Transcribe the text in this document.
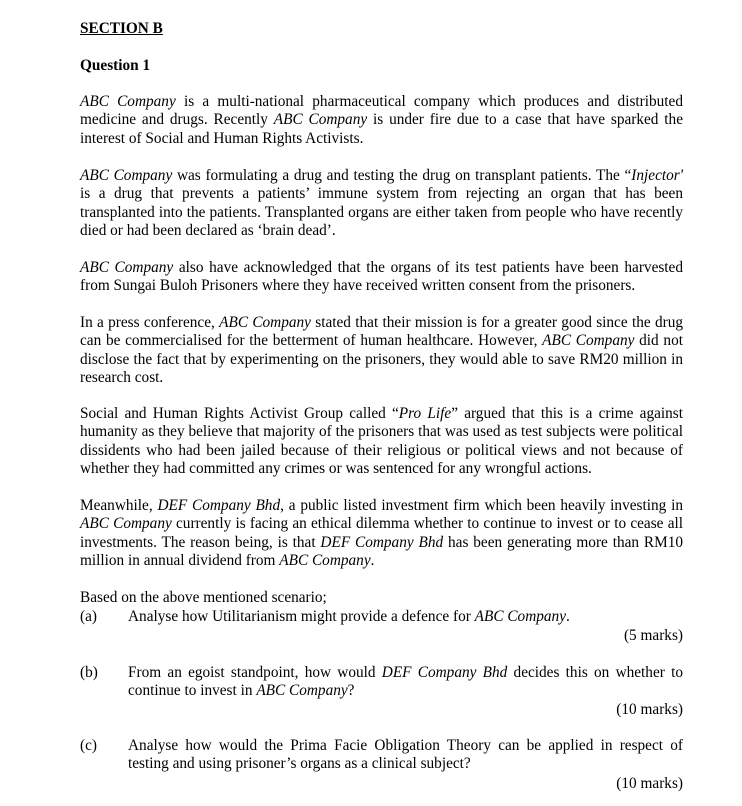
SECTION B
Question 1
ABC Company is a multi-national pharmaceutical company which produces and distributed medicine and drugs. Recently ABC Company is under fire due to a case that have sparked the interest of Social and Human Rights Activists.
ABC Company was formulating a drug and testing the drug on transplant patients. The “Injector' is a drug that prevents a patients’ immune system from rejecting an organ that has been transplanted into the patients. Transplanted organs are either taken from people who have recently died or had been declared as ‘brain dead’.
ABC Company also have acknowledged that the organs of its test patients have been harvested from Sungai Buloh Prisoners where they have received written consent from the prisoners.
In a press conference, ABC Company stated that their mission is for a greater good since the drug can be commercialised for the betterment of human healthcare. However, ABC Company did not disclose the fact that by experimenting on the prisoners, they would able to save RM20 million in research cost.
Social and Human Rights Activist Group called “Pro Life” argued that this is a crime against humanity as they believe that majority of the prisoners that was used as test subjects were political dissidents who had been jailed because of their religious or political views and not because of whether they had committed any crimes or was sentenced for any wrongful actions.
Meanwhile, DEF Company Bhd, a public listed investment firm which been heavily investing in ABC Company currently is facing an ethical dilemma whether to continue to invest or to cease all investments. The reason being, is that DEF Company Bhd has been generating more than RM10 million in annual dividend from ABC Company.
Based on the above mentioned scenario;
(a) Analyse how Utilitarianism might provide a defence for ABC Company.
(5 marks)
(b) From an egoist standpoint, how would DEF Company Bhd decides this on whether to continue to invest in ABC Company?
(10 marks)
(c) Analyse how would the Prima Facie Obligation Theory can be applied in respect of testing and using prisoner’s organs as a clinical subject?
(10 marks)
